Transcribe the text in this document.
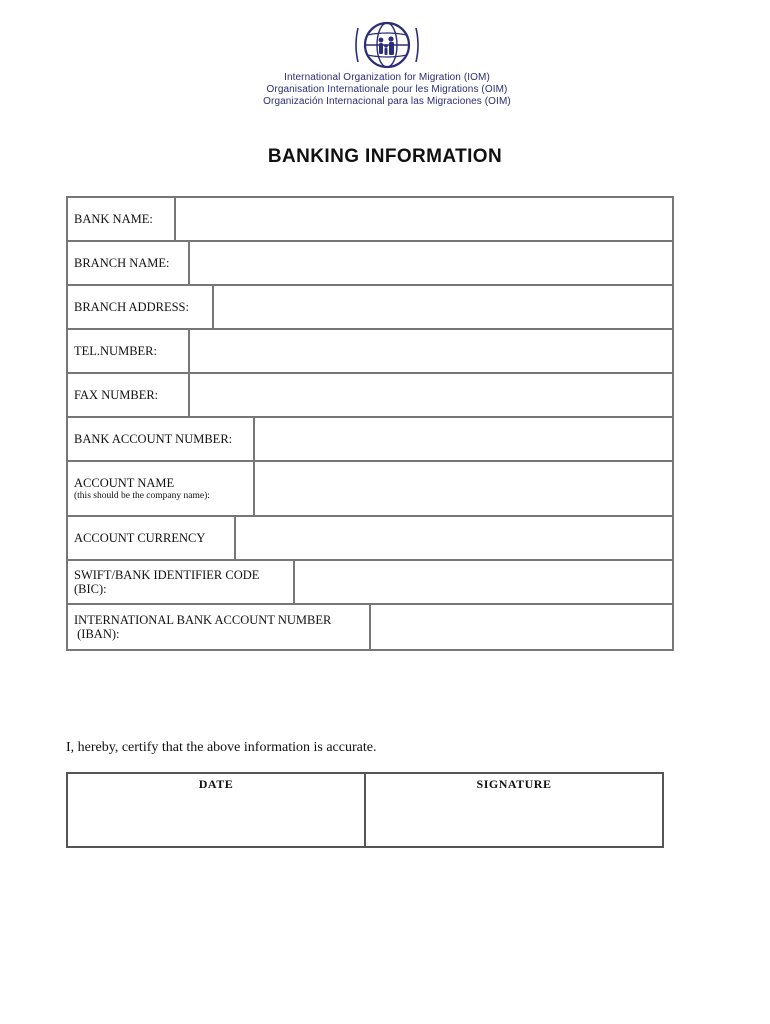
International Organization for Migration (IOM)
Organisation Internationale pour les Migrations (OIM)
Organización Internacional para las Migraciones (OIM)
BANKING INFORMATION
BANK NAME:
BRANCH NAME:
BRANCH ADDRESS:
TEL.NUMBER:
FAX NUMBER:
BANK ACCOUNT NUMBER:
ACCOUNT NAME
(this should be the company name):
ACCOUNT CURRENCY
SWIFT/BANK IDENTIFIER CODE
(BIC):
INTERNATIONAL BANK ACCOUNT NUMBER
(IBAN):
I, hereby, certify that the above information is accurate.
DATE	SIGNATURE
